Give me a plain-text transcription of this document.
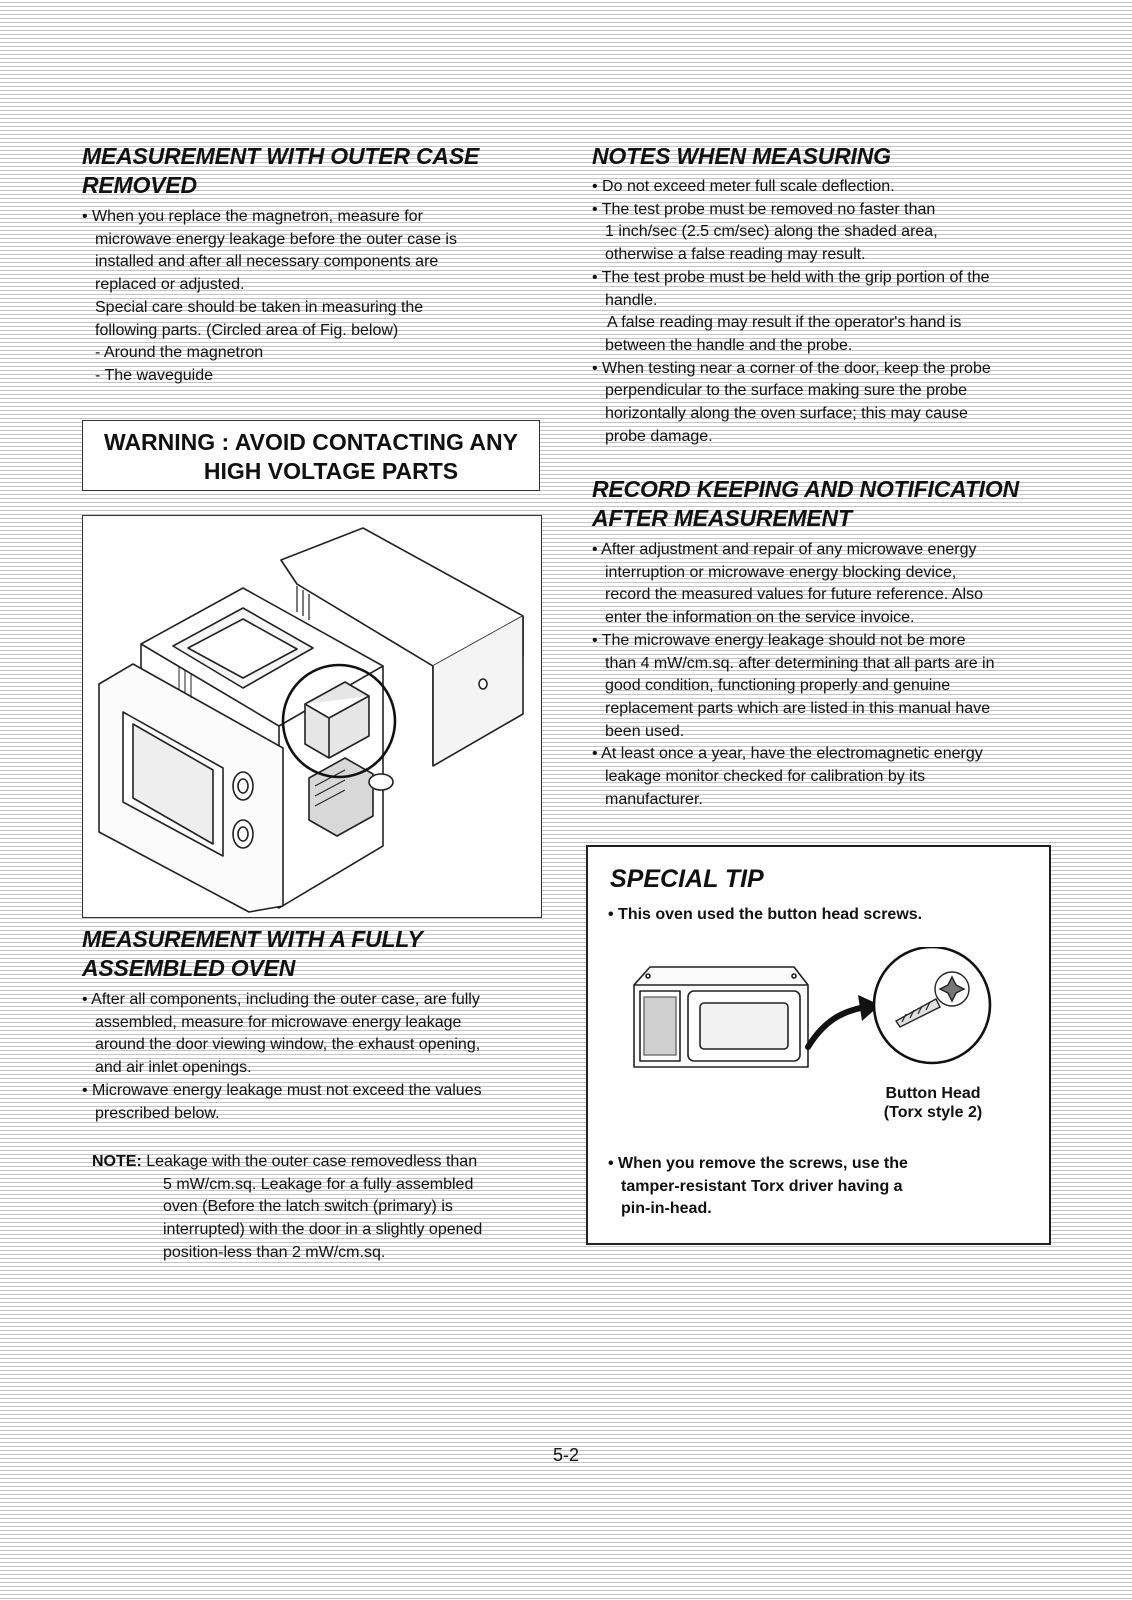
MEASUREMENT WITH OUTER CASE
REMOVED
• When you replace the magnetron, measure for
microwave energy leakage before the outer case is
installed and after all necessary components are
replaced or adjusted.
Special care should be taken in measuring the
following parts. (Circled area of Fig. below)
- Around the magnetron
- The waveguide
WARNING : AVOID CONTACTING ANY
HIGH VOLTAGE PARTS
MEASUREMENT WITH A FULLY
ASSEMBLED OVEN
• After all components, including the outer case, are fully
assembled, measure for microwave energy leakage
around the door viewing window, the exhaust opening,
and air inlet openings.
• Microwave energy leakage must not exceed the values
prescribed below.
NOTE: Leakage with the outer case removedless than
5 mW/cm.sq. Leakage for a fully assembled
oven (Before the latch switch (primary) is
interrupted) with the door in a slightly opened
position-less than 2 mW/cm.sq.
NOTES WHEN MEASURING
• Do not exceed meter full scale deflection.
• The test probe must be removed no faster than
1 inch/sec (2.5 cm/sec) along the shaded area,
otherwise a false reading may result.
• The test probe must be held with the grip portion of the
handle.
A false reading may result if the operator's hand is
between the handle and the probe.
• When testing near a corner of the door, keep the probe
perpendicular to the surface making sure the probe
horizontally along the oven surface; this may cause
probe damage.
RECORD KEEPING AND NOTIFICATION
AFTER MEASUREMENT
• After adjustment and repair of any microwave energy
interruption or microwave energy blocking device,
record the measured values for future reference. Also
enter the information on the service invoice.
• The microwave energy leakage should not be more
than 4 mW/cm.sq. after determining that all parts are in
good condition, functioning properly and genuine
replacement parts which are listed in this manual have
been used.
• At least once a year, have the electromagnetic energy
leakage monitor checked for calibration by its
manufacturer.
SPECIAL TIP
• This oven used the button head screws.
Button Head
(Torx style 2)
• When you remove the screws, use the
tamper-resistant Torx driver having a
pin-in-head.
5-2
